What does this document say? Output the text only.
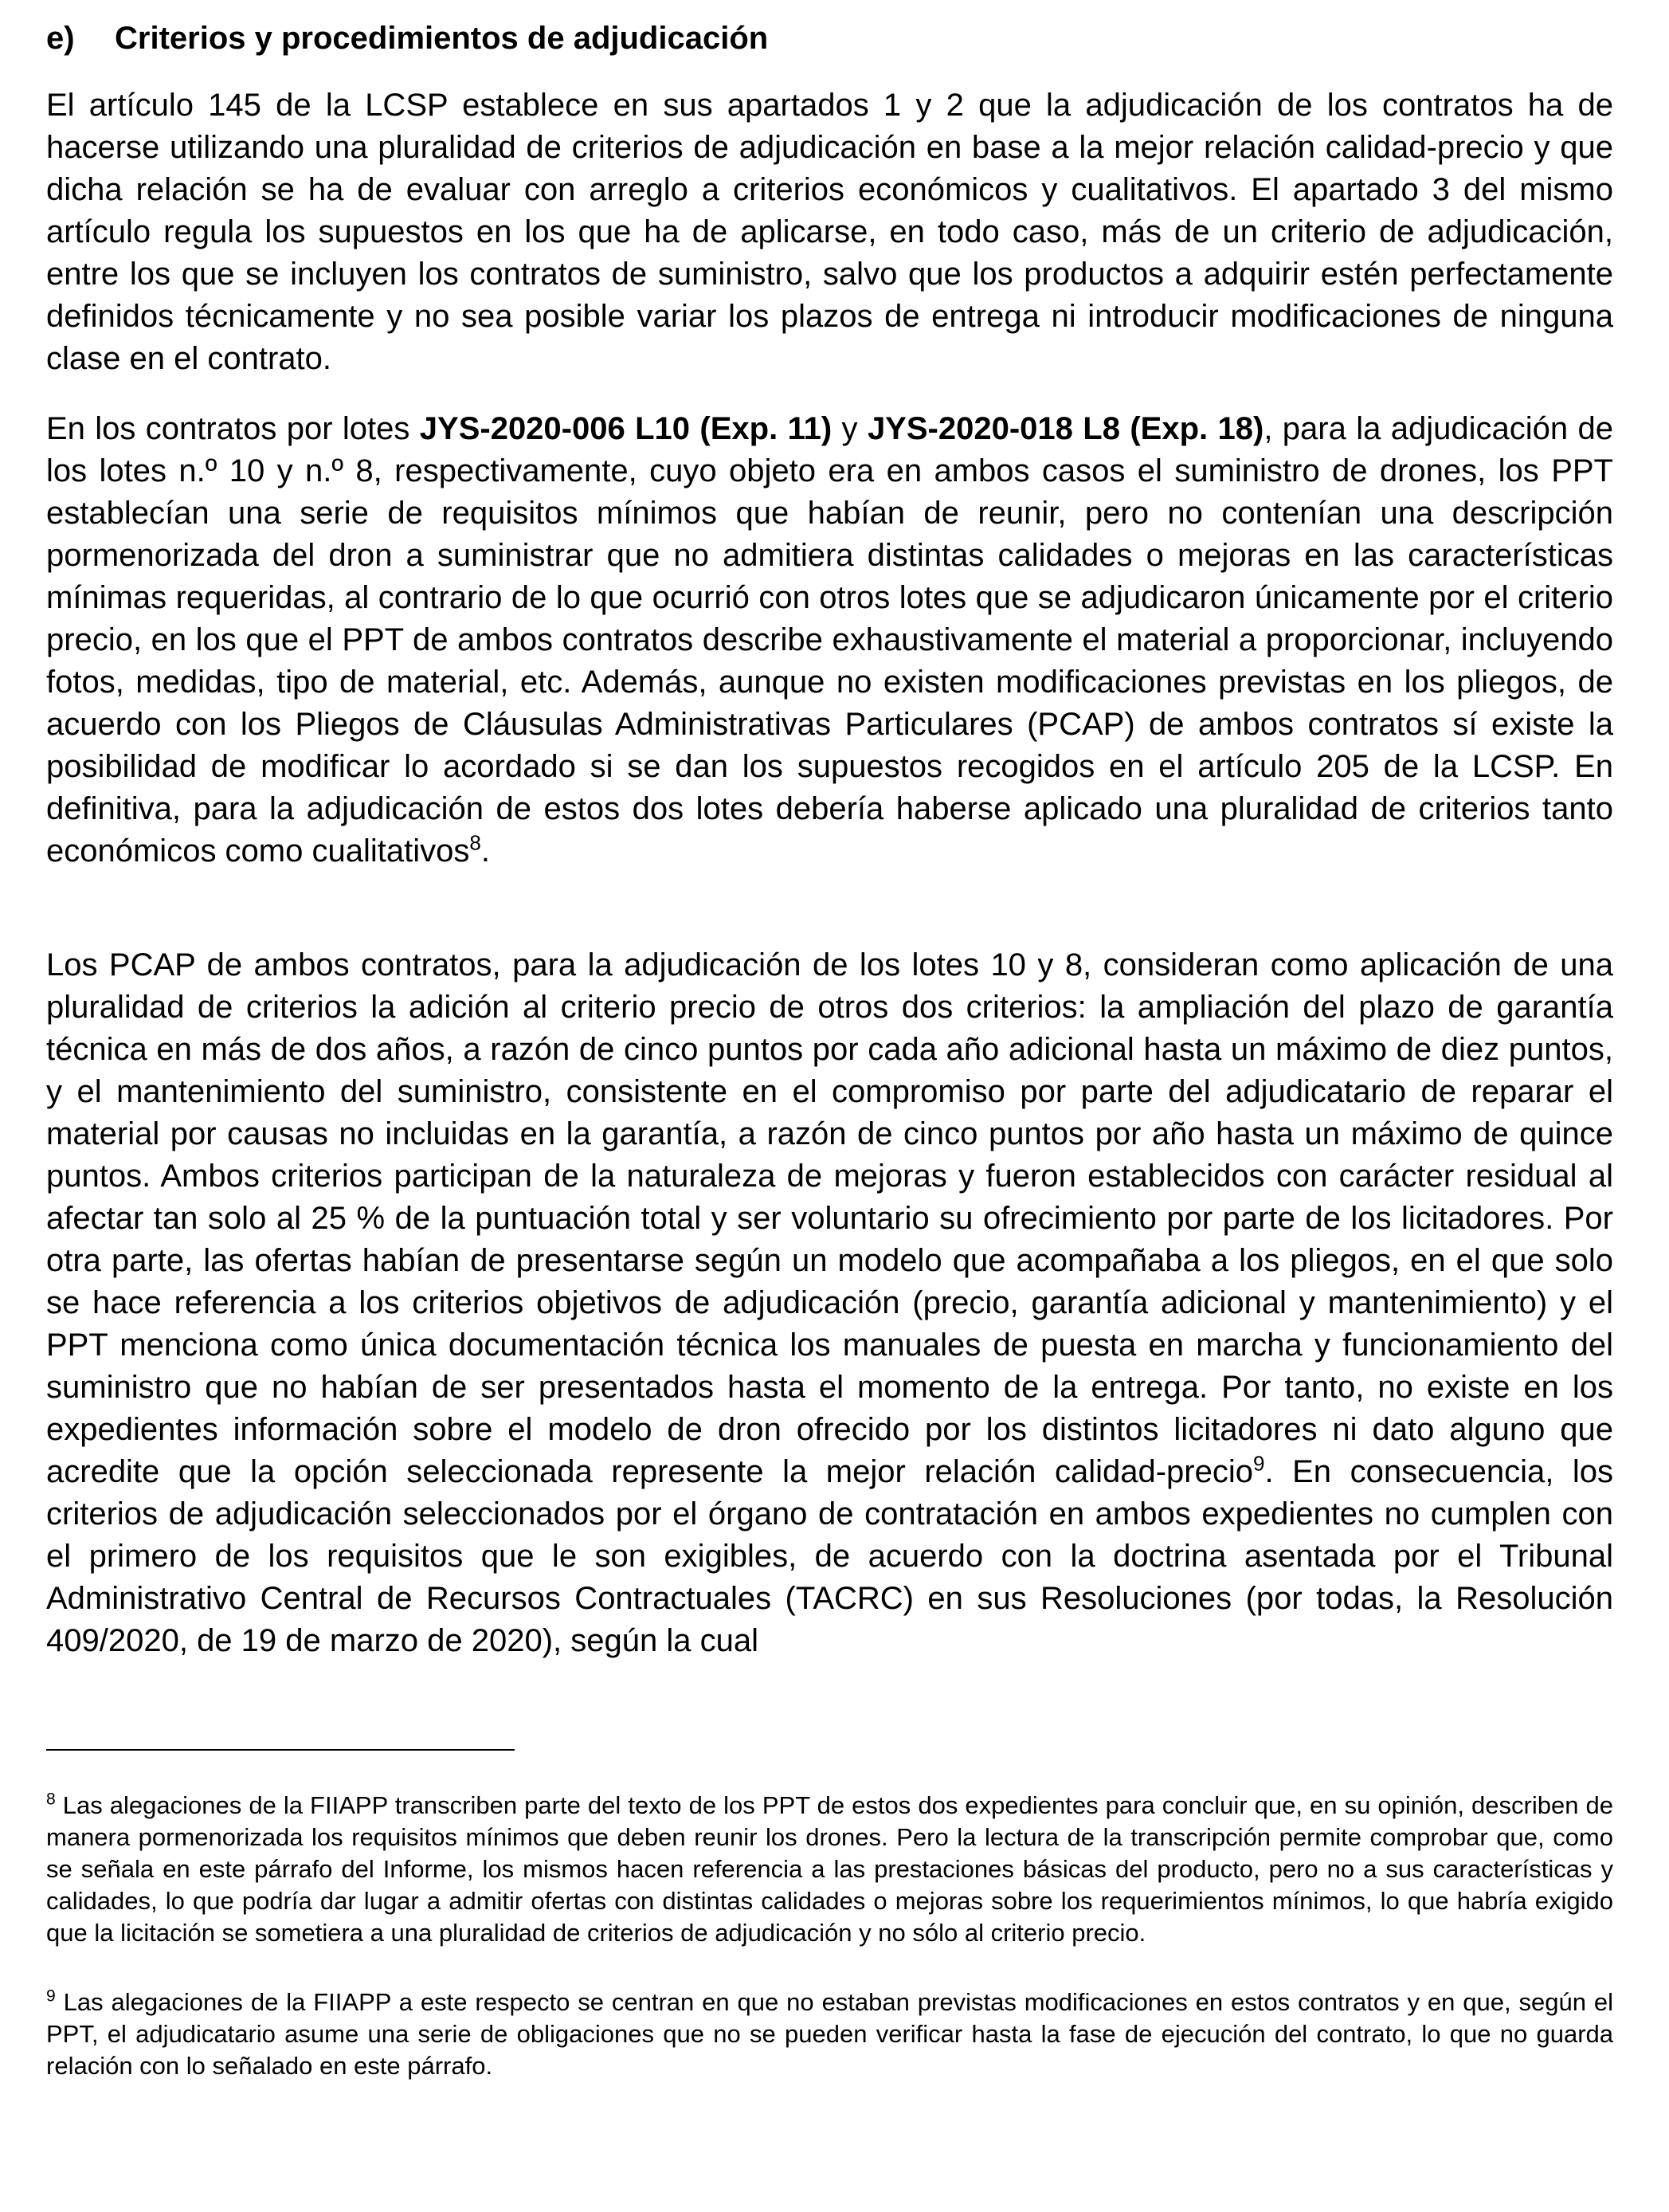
e) Criterios y procedimientos de adjudicación

El artículo 145 de la LCSP establece en sus apartados 1 y 2 que la adjudicación de los contratos ha de hacerse utilizando una pluralidad de criterios de adjudicación en base a la mejor relación calidad-precio y que dicha relación se ha de evaluar con arreglo a criterios económicos y cualitativos. El apartado 3 del mismo artículo regula los supuestos en los que ha de aplicarse, en todo caso, más de un criterio de adjudicación, entre los que se incluyen los contratos de suministro, salvo que los productos a adquirir estén perfectamente definidos técnicamente y no sea posible variar los plazos de entrega ni introducir modificaciones de ninguna clase en el contrato.

En los contratos por lotes JYS-2020-006 L10 (Exp. 11) y JYS-2020-018 L8 (Exp. 18), para la adjudicación de los lotes n.º 10 y n.º 8, respectivamente, cuyo objeto era en ambos casos el suministro de drones, los PPT establecían una serie de requisitos mínimos que habían de reunir, pero no contenían una descripción pormenorizada del dron a suministrar que no admitiera distintas calidades o mejoras en las características mínimas requeridas, al contrario de lo que ocurrió con otros lotes que se adjudicaron únicamente por el criterio precio, en los que el PPT de ambos contratos describe exhaustivamente el material a proporcionar, incluyendo fotos, medidas, tipo de material, etc. Además, aunque no existen modificaciones previstas en los pliegos, de acuerdo con los Pliegos de Cláusulas Administrativas Particulares (PCAP) de ambos contratos sí existe la posibilidad de modificar lo acordado si se dan los supuestos recogidos en el artículo 205 de la LCSP. En definitiva, para la adjudicación de estos dos lotes debería haberse aplicado una pluralidad de criterios tanto económicos como cualitativos$^8$.

Los PCAP de ambos contratos, para la adjudicación de los lotes 10 y 8, consideran como aplicación de una pluralidad de criterios la adición al criterio precio de otros dos criterios: la ampliación del plazo de garantía técnica en más de dos años, a razón de cinco puntos por cada año adicional hasta un máximo de diez puntos, y el mantenimiento del suministro, consistente en el compromiso por parte del adjudicatario de reparar el material por causas no incluidas en la garantía, a razón de cinco puntos por año hasta un máximo de quince puntos. Ambos criterios participan de la naturaleza de mejoras y fueron establecidos con carácter residual al afectar tan solo al 25 % de la puntuación total y ser voluntario su ofrecimiento por parte de los licitadores. Por otra parte, las ofertas habían de presentarse según un modelo que acompañaba a los pliegos, en el que solo se hace referencia a los criterios objetivos de adjudicación (precio, garantía adicional y mantenimiento) y el PPT menciona como única documentación técnica los manuales de puesta en marcha y funcionamiento del suministro que no habían de ser presentados hasta el momento de la entrega. Por tanto, no existe en los expedientes información sobre el modelo de dron ofrecido por los distintos licitadores ni dato alguno que acredite que la opción seleccionada represente la mejor relación calidad-precio$^9$. En consecuencia, los criterios de adjudicación seleccionados por el órgano de contratación en ambos expedientes no cumplen con el primero de los requisitos que le son exigibles, de acuerdo con la doctrina asentada por el Tribunal Administrativo Central de Recursos Contractuales (TACRC) en sus Resoluciones (por todas, la Resolución 409/2020, de 19 de marzo de 2020), según la cual

$^8$ Las alegaciones de la FIIAPP transcriben parte del texto de los PPT de estos dos expedientes para concluir que, en su opinión, describen de manera pormenorizada los requisitos mínimos que deben reunir los drones. Pero la lectura de la transcripción permite comprobar que, como se señala en este párrafo del Informe, los mismos hacen referencia a las prestaciones básicas del producto, pero no a sus características y calidades, lo que podría dar lugar a admitir ofertas con distintas calidades o mejoras sobre los requerimientos mínimos, lo que habría exigido que la licitación se sometiera a una pluralidad de criterios de adjudicación y no sólo al criterio precio.

$^9$ Las alegaciones de la FIIAPP a este respecto se centran en que no estaban previstas modificaciones en estos contratos y en que, según el PPT, el adjudicatario asume una serie de obligaciones que no se pueden verificar hasta la fase de ejecución del contrato, lo que no guarda relación con lo señalado en este párrafo.
